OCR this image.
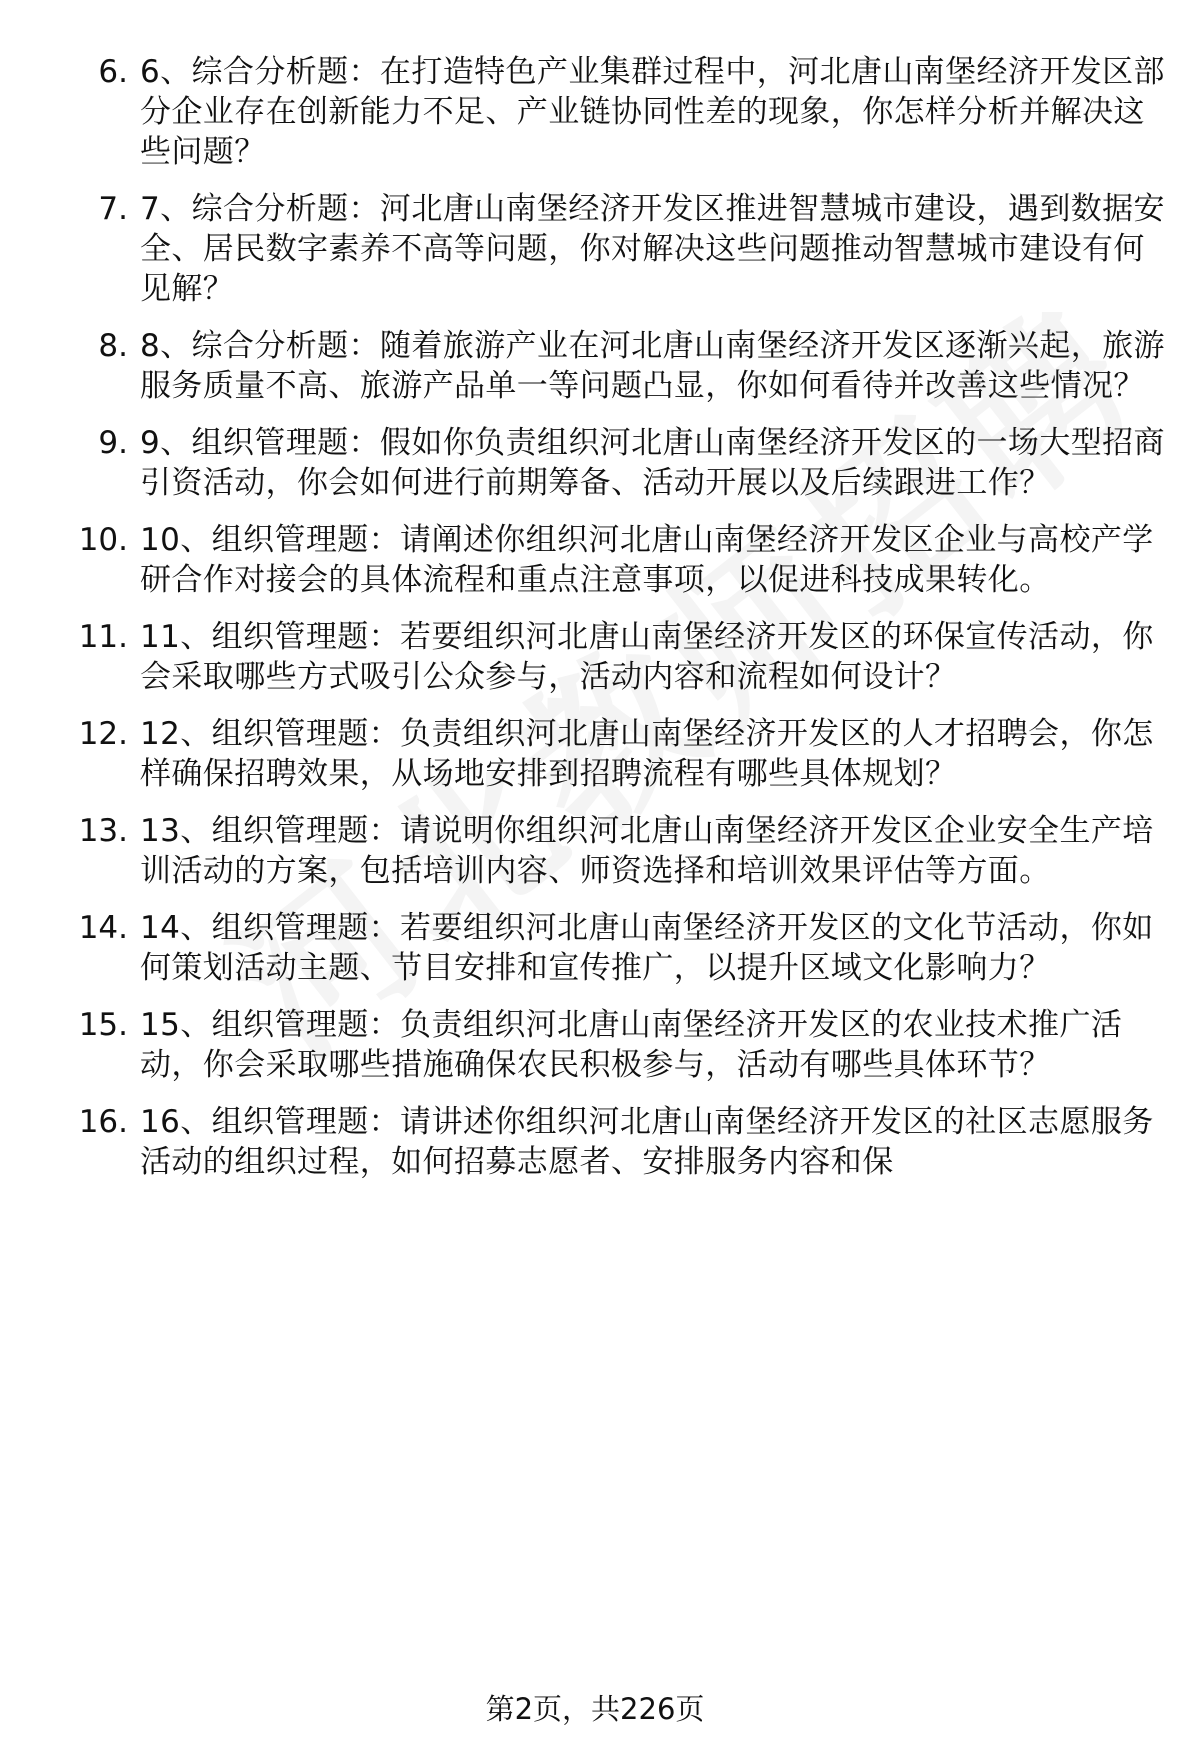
6. 6、综合分析题：在打造特色产业集群过程中，河北唐山南堡经济开发区部分企业存在创新能力不足、产业链协同性差的现象，你怎样分析并解决这些问题？
7. 7、综合分析题：河北唐山南堡经济开发区推进智慧城市建设，遇到数据安全、居民数字素养不高等问题，你对解决这些问题推动智慧城市建设有何见解？
8. 8、综合分析题：随着旅游产业在河北唐山南堡经济开发区逐渐兴起，旅游服务质量不高、旅游产品单一等问题凸显，你如何看待并改善这些情况？
9. 9、组织管理题：假如你负责组织河北唐山南堡经济开发区的一场大型招商引资活动，你会如何进行前期筹备、活动开展以及后续跟进工作？
10. 10、组织管理题：请阐述你组织河北唐山南堡经济开发区企业与高校产学研合作对接会的具体流程和重点注意事项，以促进科技成果转化。
11. 11、组织管理题：若要组织河北唐山南堡经济开发区的环保宣传活动，你会采取哪些方式吸引公众参与，活动内容和流程如何设计？
12. 12、组织管理题：负责组织河北唐山南堡经济开发区的人才招聘会，你怎样确保招聘效果，从场地安排到招聘流程有哪些具体规划？
13. 13、组织管理题：请说明你组织河北唐山南堡经济开发区企业安全生产培训活动的方案，包括培训内容、师资选择和培训效果评估等方面。
14. 14、组织管理题：若要组织河北唐山南堡经济开发区的文化节活动，你如何策划活动主题、节目安排和宣传推广，以提升区域文化影响力？
15. 15、组织管理题：负责组织河北唐山南堡经济开发区的农业技术推广活动，你会采取哪些措施确保农民积极参与，活动有哪些具体环节？
16. 16、组织管理题：请讲述你组织河北唐山南堡经济开发区的社区志愿服务活动的组织过程，如何招募志愿者、安排服务内容和保
第2页，共226页
